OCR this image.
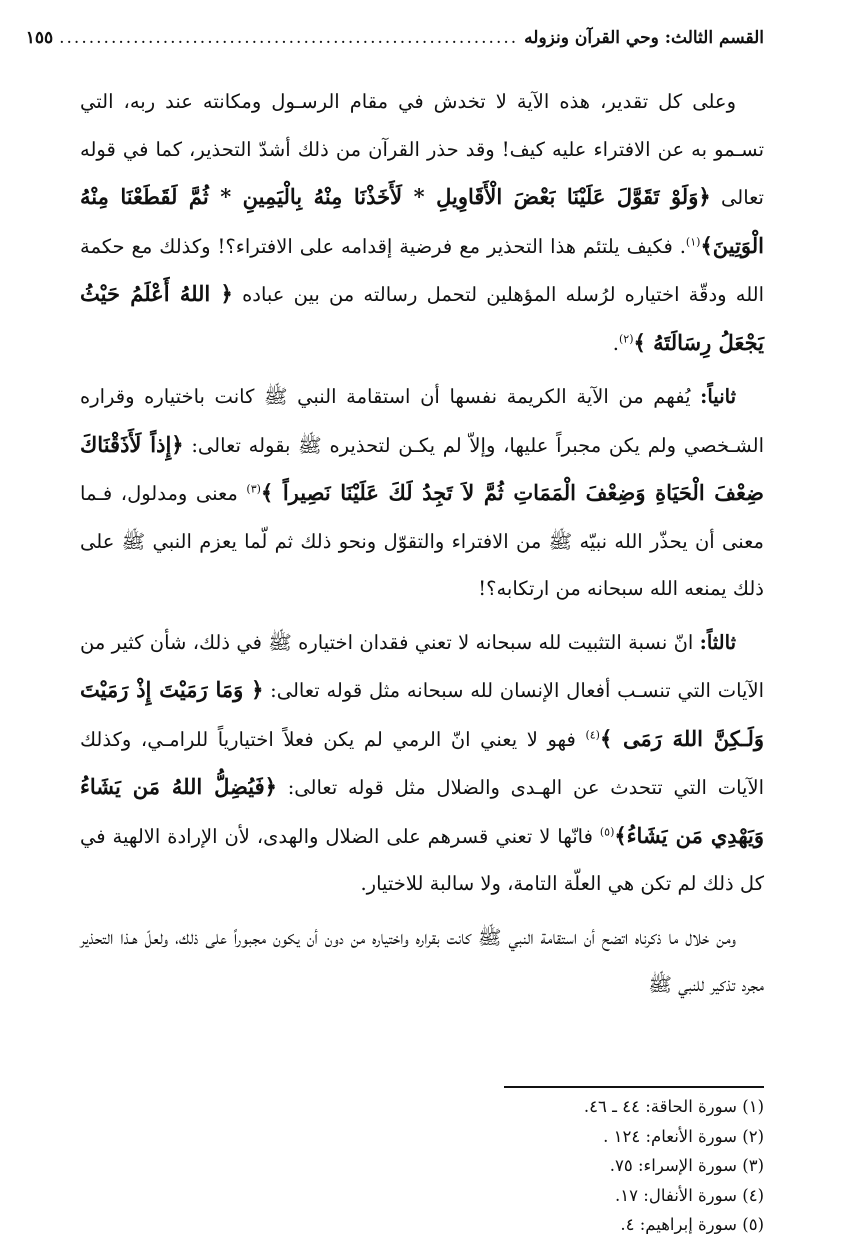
القسم الثالث: وحي القرآن ونزوله
..............................................................
١٥٥

وعلى كل تقدير، هذه الآية لا تخدش في مقام الرسـول ومكانته عند ربه، التي تسـمو به عن الافتراء عليه كيف! وقد حذر القرآن من ذلك أشدّ التحذير، كما في قوله تعالى ﴿وَلَوْ تَقَوَّلَ عَلَيْنَا بَعْضَ الْأَقَاوِيلِ * لَأَخَذْنَا مِنْهُ بِالْيَمِينِ * ثُمَّ لَقَطَعْنَا مِنْهُ الْوَتِينَ﴾$^{(١)}$. فكيف يلتئم هذا التحذير مع فرضية إقدامه على الافتراء؟! وكذلك مع حكمة الله ودقّة اختياره لرُسله المؤهلين لتحمل رسالته من بين عباده ﴿ اللهُ أَعْلَمُ حَيْثُ يَجْعَلُ رِسَالَتَهُ ﴾$^{(٢)}$.

ثانياً: يُفهم من الآية الكريمة نفسها أن استقامة النبي ﷺ كانت باختياره وقراره الشـخصي ولم يكن مجبراً عليها، وإلاّ لم يكـن لتحذيره ﷺ بقوله تعالى: ﴿إِذاً لَأَذَقْنَاكَ ضِعْفَ الْحَيَاةِ وَضِعْفَ الْمَمَاتِ ثُمَّ لاَ تَجِدُ لَكَ عَلَيْنَا نَصِيراً ﴾$^{(٣)}$ معنى ومدلول، فـما معنى أن يحذّر الله نبيّه ﷺ من الافتراء والتقوّل ونحو ذلك ثم لّما يعزم النبي ﷺ على ذلك يمنعه الله سبحانه من ارتكابه؟!

ثالثاً: انّ نسبة التثبيت لله سبحانه لا تعني فقدان اختياره ﷺ في ذلك، شأن كثير من الآيات التي تنسـب أفعال الإنسان لله سبحانه مثل قوله تعالى: ﴿ وَمَا رَمَيْتَ إِذْ رَمَيْتَ وَلَـكِنَّ اللهَ رَمَى ﴾$^{(٤)}$ فهو لا يعني انّ الرمي لم يكن فعلاً اختيارياً للرامـي، وكذلك الآيات التي تتحدث عن الهـدى والضلال مثل قوله تعالى: ﴿فَيُضِلُّ اللهُ مَن يَشَاءُ وَيَهْدِي مَن يَشَاءُ﴾$^{(٥)}$ فانّها لا تعني قسرهم على الضلال والهدى، لأن الإرادة الالهية في كل ذلك لم تكن هي العلّة التامة، ولا سالبة للاختيار.

ومن خلال ما ذكرناه اتضح أن استقامة النبي ﷺ كانت بقراره واختياره من دون أن يكون مجبوراً على ذلك، ولعلّ هـذا التحذير مجرد تذكير للنبي ﷺ

(١) سورة الحاقة: ٤٤ ـ ٤٦.
(٢) سورة الأنعام: ١٢٤ .
(٣) سورة الإسراء: ٧٥.
(٤) سورة الأنفال: ١٧.
(٥) سورة إبراهيم: ٤.
